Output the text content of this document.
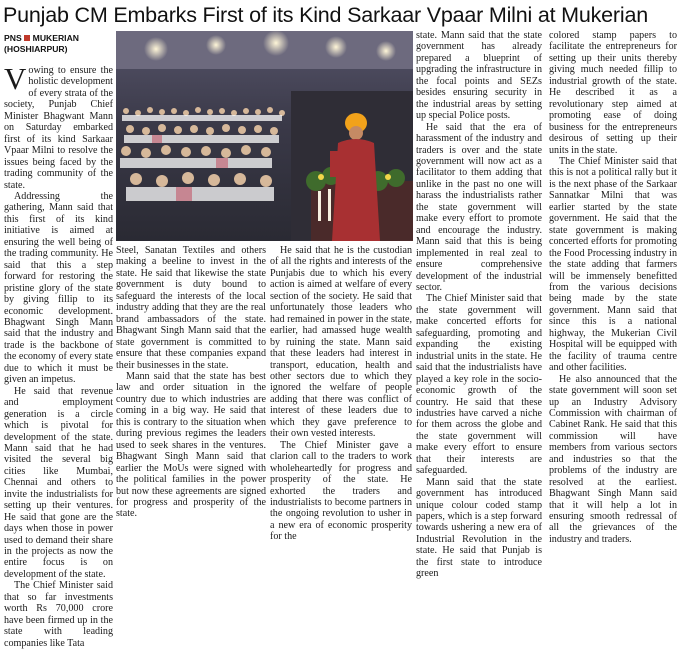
Punjab CM Embarks First of its Kind Sarkaar Vpaar Milni at Mukerian
PNS MUKERIAN
(HOSHIARPUR)

Vowing to ensure the holistic development of every strata of the society, Punjab Chief Minister Bhagwant Mann on Saturday embarked first of its kind Sarkaar Vpaar Milni to resolve the issues being faced by the trading community of the state.

Addressing the gathering, Mann said that this first of its kind initiative is aimed at ensuring the well being of the trading community. He said that this a step forward for restoring the pristine glory of the state by giving fillip to its economic development. Bhagwant Singh Mann said that the industry and trade is the backbone of the economy of every state due to which it must be given an impetus.

He said that revenue and employment generation is a circle which is pivotal for development of the state. Mann said that he had visited the several big cities like Mumbai, Chennai and others to invite the industrialists for setting up their ventures. He said that gone are the days when those in power used to demand their share in the projects as now the entire focus is on development of the state.

The Chief Minister said that so far investments worth Rs 70,000 crore have been firmed up in the state with leading companies like Tata

Steel, Sanatan Textiles and others making a beeline to invest in the state. He said that likewise the state government is duty bound to safeguard the interests of the local industry adding that they are the real brand ambassadors of the state. Bhagwant Singh Mann said that the state government is committed to ensure that these companies expand their businesses in the state.

Mann said that the state has best law and order situation in the country due to which industries are coming in a big way. He said that this is contrary to the situation when during previous regimes the leaders used to seek shares in the ventures. Bhagwant Singh Mann said that earlier the MoUs were signed with the political families in the power but now these agreements are signed for progress and prosperity of the state.

He said that he is the custodian of all the rights and interests of the Punjabis due to which his every action is aimed at welfare of every section of the society. He said that unfortunately those leaders who had remained in power in the state, earlier, had amassed huge wealth by ruining the state. Mann said that these leaders had interest in transport, education, health and other sectors due to which they ignored the welfare of people adding that there was conflict of interest of these leaders due to which they gave preference to their own vested interests.

The Chief Minister gave a clarion call to the traders to work wholeheartedly for progress and prosperity of the state. He exhorted the traders and industrialists to become partners in the ongoing revolution to usher in a new era of economic prosperity for the

state. Mann said that the state government has already prepared a blueprint of upgrading the infrastructure in the focal points and SEZs besides ensuring security in the industrial areas by setting up special Police posts.

He said that the era of harassment of the industry and traders is over and the state government will now act as a facilitator to them adding that unlike in the past no one will harass the industrialists rather the state government will make every effort to promote and encourage the industry. Mann said that this is being implemented in real zeal to ensure comprehensive development of the industrial sector.

The Chief Minister said that the state government will make concerted efforts for safeguarding, promoting and expanding the existing industrial units in the state. He said that the industrialists have played a key role in the socio-economic growth of the country. He said that these industries have carved a niche for them across the globe and the state government will make every effort to ensure that their interests are safeguarded.

Mann said that the state government has introduced unique colour coded stamp papers, which is a step forward towards ushering a new era of Industrial Revolution in the state. He said that Punjab is the first state to introduce green

colored stamp papers to facilitate the entrepreneurs for setting up their units thereby giving much needed fillip to industrial growth of the state. He described it as a revolutionary step aimed at promoting ease of doing business for the entrepreneurs desirous of setting up their units in the state.

The Chief Minister said that this is not a political rally but it is the next phase of the Sarkaar Sannatkar Milni that was earlier started by the state government. He said that the state government is making concerted efforts for promoting the Food Processing industry in the state adding that farmers will be immensely benefitted from the various decisions being made by the state government. Mann said that since this is a national highway, the Mukerian Civil Hospital will be equipped with the facility of trauma centre and other facilities.

He also announced that the state government will soon set up an Industry Advisory Commission with chairman of Cabinet Rank. He said that this commission will have members from various sectors and industries so that the problems of the industry are resolved at the earliest. Bhagwant Singh Mann said that it will help a lot in ensuring smooth redressal of all the grievances of the industry and traders.
